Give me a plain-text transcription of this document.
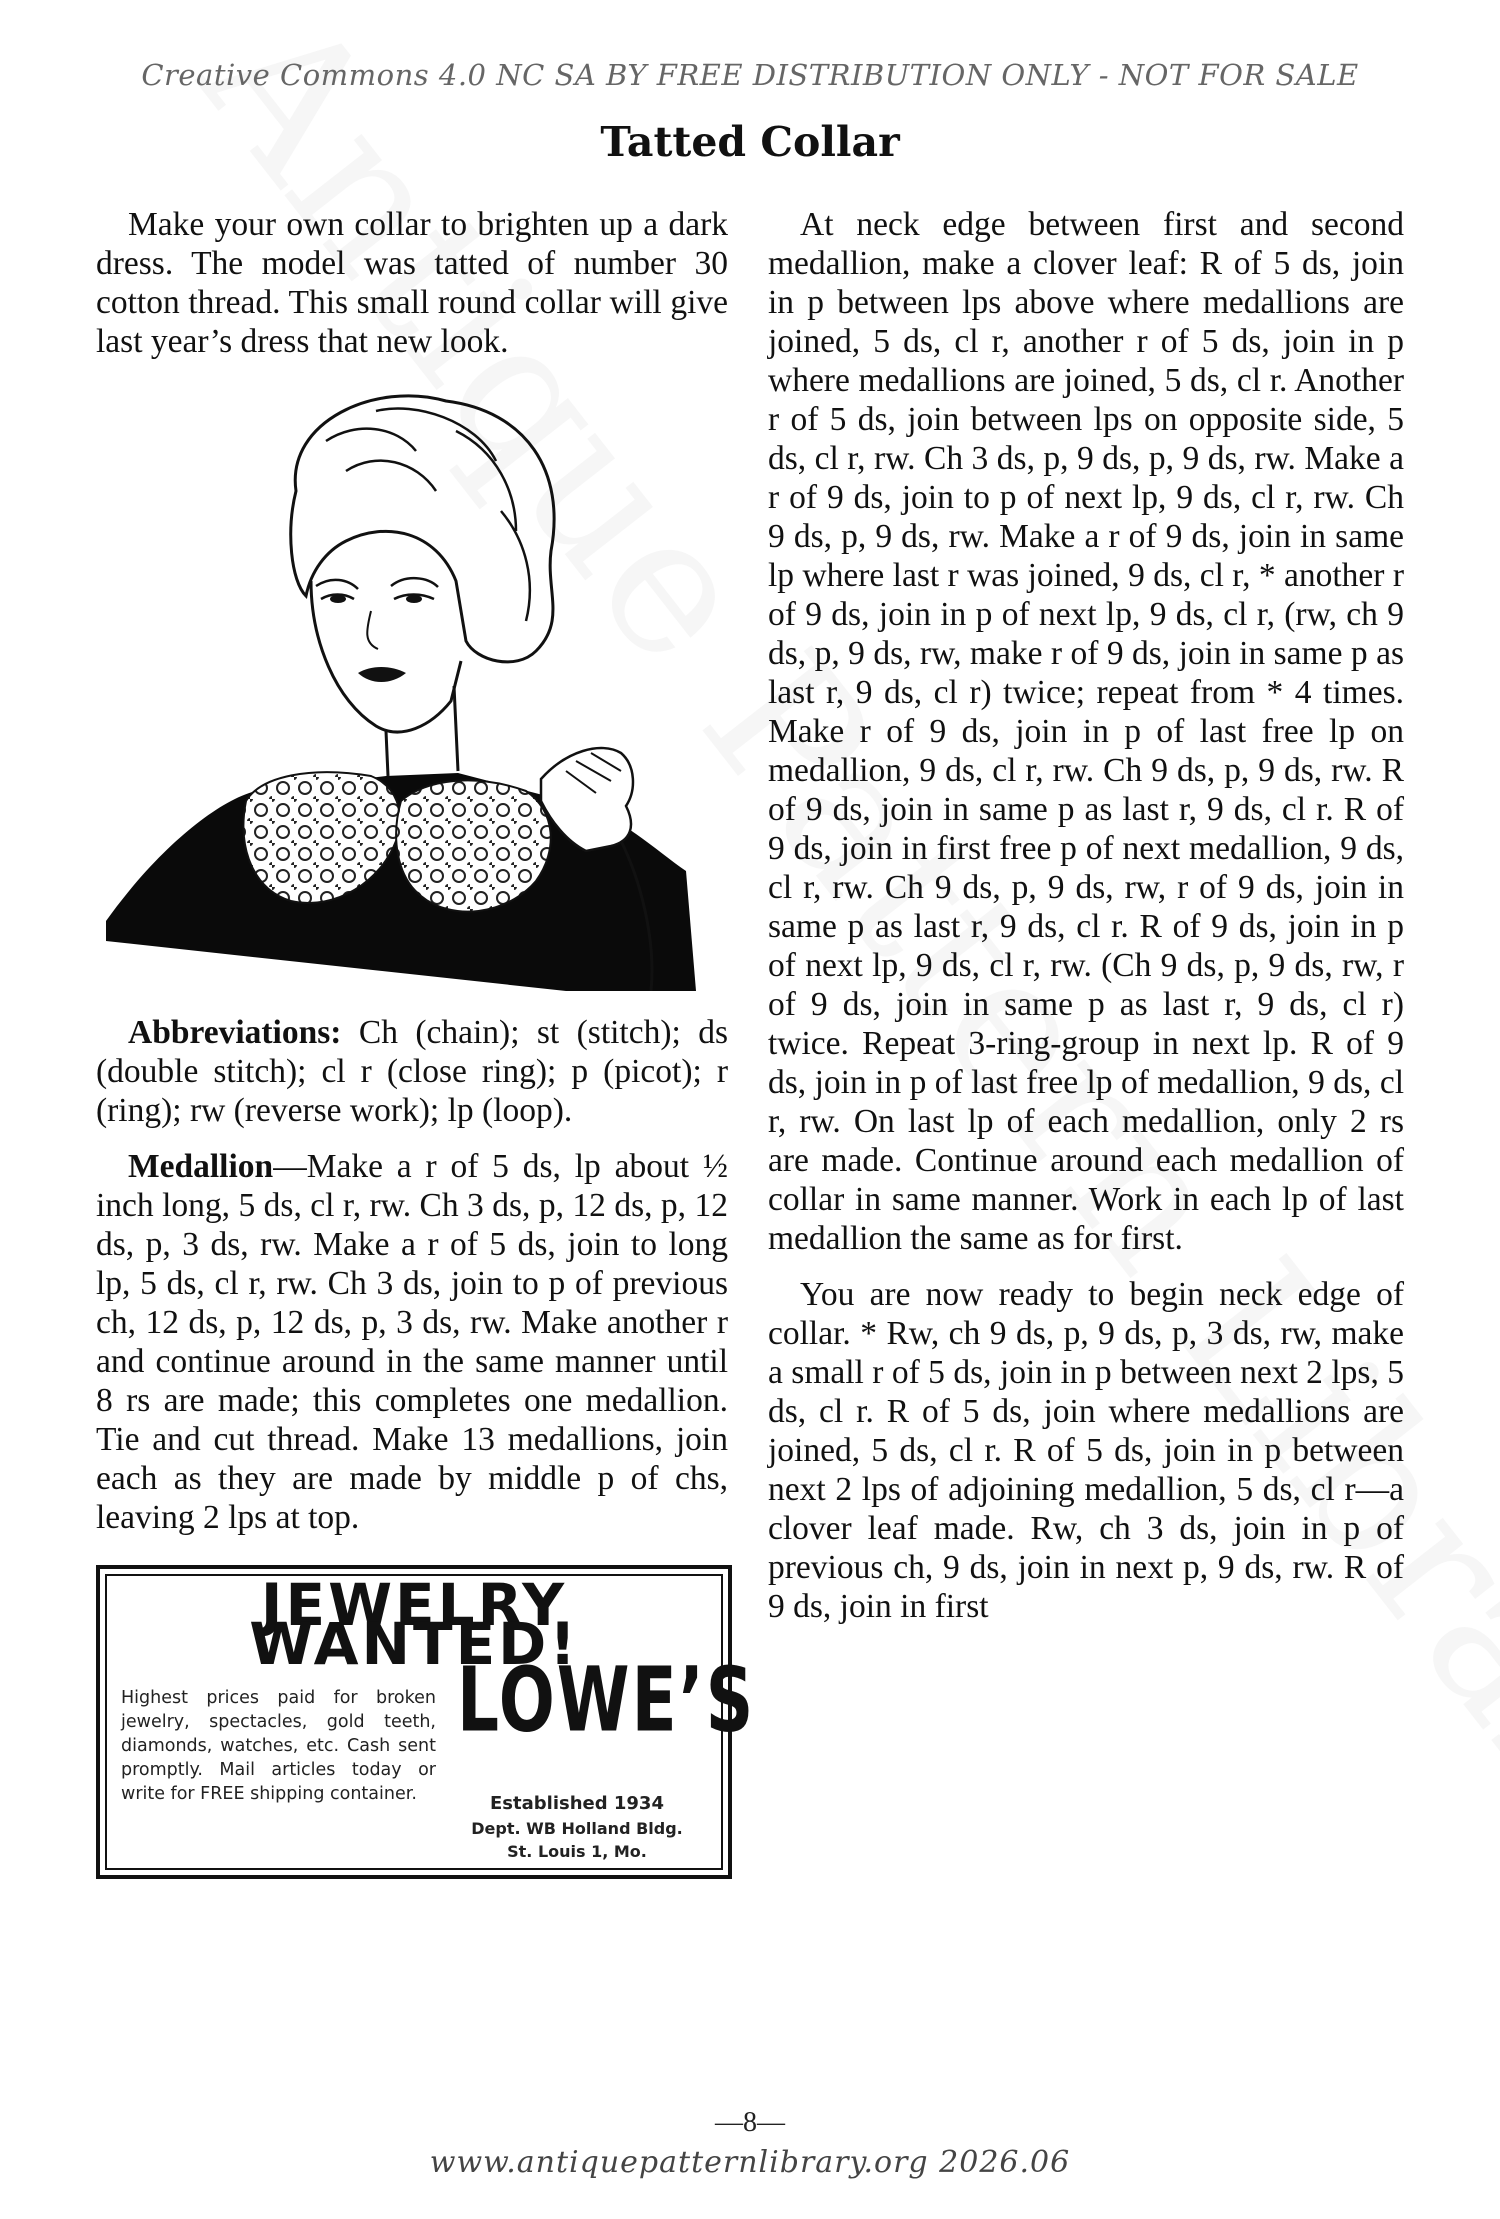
Creative Commons 4.0 NC SA BY FREE DISTRIBUTION ONLY - NOT FOR SALE
Tatted Collar

Make your own collar to brighten up a dark dress. The model was tatted of number 30 cotton thread. This small round collar will give last year’s dress that new look.

Abbreviations: Ch (chain); st (stitch); ds (double stitch); cl r (close ring); p (picot); r (ring); rw (reverse work); lp (loop).

Medallion—Make a r of 5 ds, lp about ½ inch long, 5 ds, cl r, rw. Ch 3 ds, p, 12 ds, p, 12 ds, p, 3 ds, rw. Make a r of 5 ds, join to long lp, 5 ds, cl r, rw. Ch 3 ds, join to p of previous ch, 12 ds, p, 12 ds, p, 3 ds, rw. Make another r and continue around in the same manner until 8 rs are made; this completes one medallion. Tie and cut thread. Make 13 medallions, join each as they are made by middle p of chs, leaving 2 lps at top.

JEWELRY WANTED!
Highest prices paid for broken jewelry, spectacles, gold teeth, diamonds, watches, etc. Cash sent promptly. Mail articles today or write for FREE shipping container.
LOWE’S
Established 1934
Dept. WB Holland Bldg.
St. Louis 1, Mo.

At neck edge between first and second medallion, make a clover leaf: R of 5 ds, join in p between lps above where medallions are joined, 5 ds, cl r, another r of 5 ds, join in p where medallions are joined, 5 ds, cl r. Another r of 5 ds, join between lps on opposite side, 5 ds, cl r, rw. Ch 3 ds, p, 9 ds, p, 9 ds, rw. Make a r of 9 ds, join to p of next lp, 9 ds, cl r, rw. Ch 9 ds, p, 9 ds, rw. Make a r of 9 ds, join in same lp where last r was joined, 9 ds, cl r, * another r of 9 ds, join in p of next lp, 9 ds, cl r, (rw, ch 9 ds, p, 9 ds, rw, make r of 9 ds, join in same p as last r, 9 ds, cl r) twice; repeat from * 4 times. Make r of 9 ds, join in p of last free lp on medallion, 9 ds, cl r, rw. Ch 9 ds, p, 9 ds, rw. R of 9 ds, join in same p as last r, 9 ds, cl r. R of 9 ds, join in first free p of next medallion, 9 ds, cl r, rw. Ch 9 ds, p, 9 ds, rw, r of 9 ds, join in same p as last r, 9 ds, cl r. R of 9 ds, join in p of next lp, 9 ds, cl r, rw. (Ch 9 ds, p, 9 ds, rw, r of 9 ds, join in same p as last r, 9 ds, cl r) twice. Repeat 3-ring-group in next lp. R of 9 ds, join in p of last free lp of medallion, 9 ds, cl r, rw. On last lp of each medallion, only 2 rs are made. Continue around each medallion of collar in same manner. Work in each lp of last medallion the same as for first.

You are now ready to begin neck edge of collar. * Rw, ch 9 ds, p, 9 ds, p, 3 ds, rw, make a small r of 5 ds, join in p between next 2 lps, 5 ds, cl r. R of 5 ds, join where medallions are joined, 5 ds, cl r. R of 5 ds, join in p between next 2 lps of adjoining medallion, 5 ds, cl r—a clover leaf made. Rw, ch 3 ds, join in p of previous ch, 9 ds, join in next p, 9 ds, rw. R of 9 ds, join in first

—8—
www.antiquepatternlibrary.org 2026.06
